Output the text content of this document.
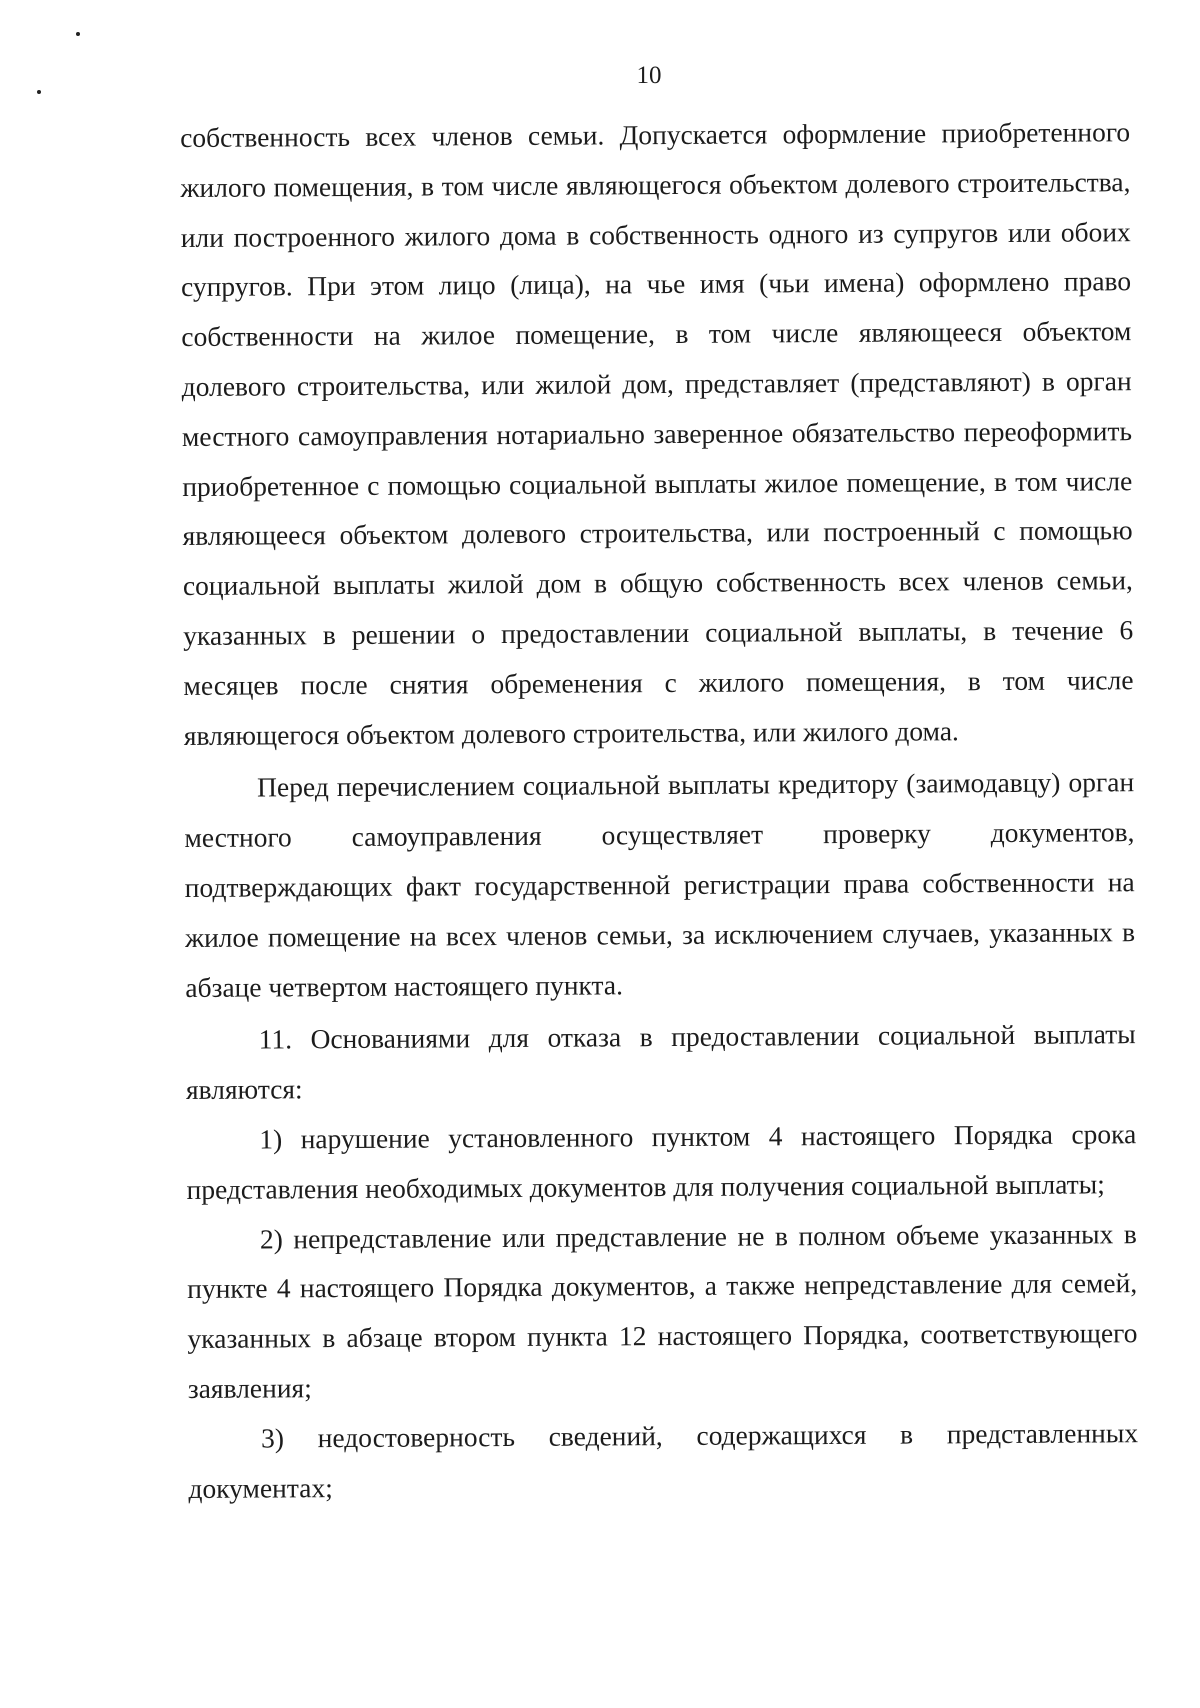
10

собственность всех членов семьи. Допускается оформление приобретенного жилого помещения, в том числе являющегося объектом долевого строительства, или построенного жилого дома в собственность одного из супругов или обоих супругов. При этом лицо (лица), на чье имя (чьи имена) оформлено право собственности на жилое помещение, в том числе являющееся объектом долевого строительства, или жилой дом, представляет (представляют) в орган местного самоуправления нотариально заверенное обязательство переоформить приобретенное с помощью социальной выплаты жилое помещение, в том числе являющееся объектом долевого строительства, или построенный с помощью социальной выплаты жилой дом в общую собственность всех членов семьи, указанных в решении о предоставлении социальной выплаты, в течение 6 месяцев после снятия обременения с жилого помещения, в том числе являющегося объектом долевого строительства, или жилого дома.

Перед перечислением социальной выплаты кредитору (заимодавцу) орган местного самоуправления осуществляет проверку документов, подтверждающих факт государственной регистрации права собственности на жилое помещение на всех членов семьи, за исключением случаев, указанных в абзаце четвертом настоящего пункта.

11. Основаниями для отказа в предоставлении социальной выплаты являются:

1) нарушение установленного пунктом 4 настоящего Порядка срока представления необходимых документов для получения социальной выплаты;

2) непредставление или представление не в полном объеме указанных в пункте 4 настоящего Порядка документов, а также непредставление для семей, указанных в абзаце втором пункта 12 настоящего Порядка, соответствующего заявления;

3) недостоверность сведений, содержащихся в представленных документах;
